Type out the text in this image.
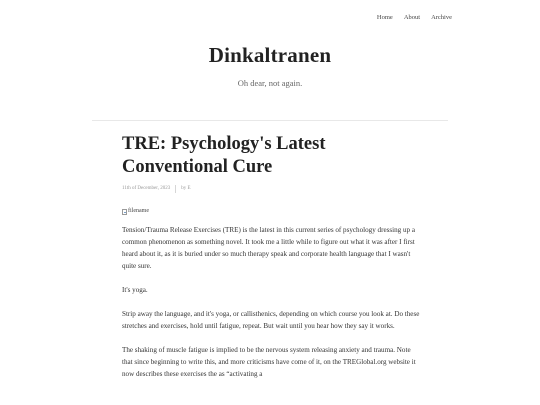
Home About Archive
Dinkaltranen

Oh dear, not again.

TRE: Psychology's Latest
Conventional Cure
11th of December, 2023 by E
filename

Tension/Trauma Release Exercises (TRE) is the latest in this current series of psychology dressing up a common phenomenon as something novel. It took me a little while to figure out what it was after I first heard about it, as it is buried under so much therapy speak and corporate health language that I wasn't quite sure.

It's yoga.

Strip away the language, and it's yoga, or callisthenics, depending on which course you look at. Do these stretches and exercises, hold until fatigue, repeat. But wait until you hear how they say it works.

The shaking of muscle fatigue is implied to be the nervous system releasing anxiety and trauma. Note that since beginning to write this, and more criticisms have come of it, on the TREGlobal.org website it now describes these exercises the as “activating a
